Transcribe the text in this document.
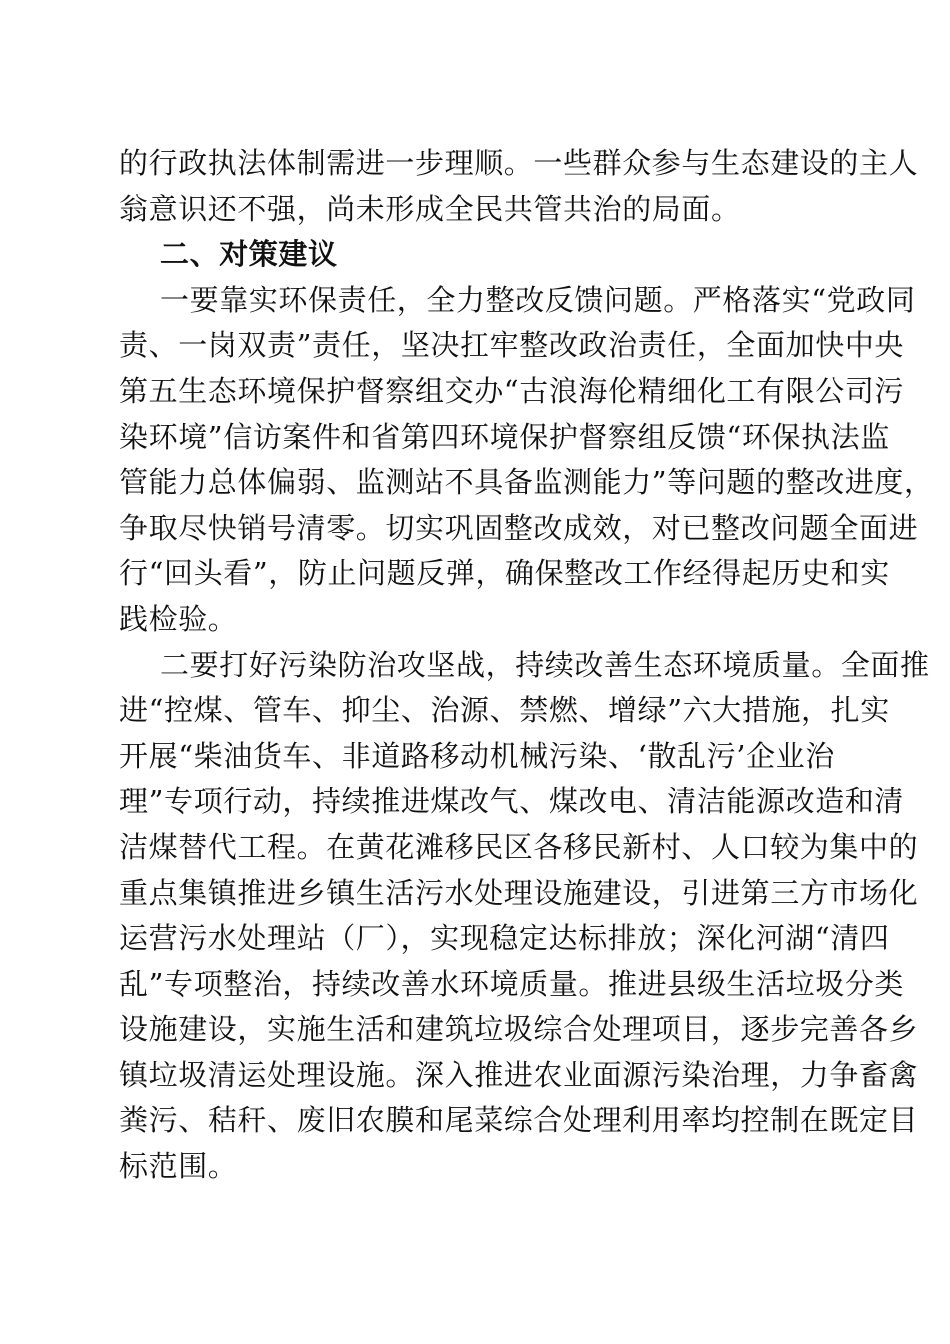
的行政执法体制需进一步理顺。一些群众参与生态建设的主人
翁意识还不强，尚未形成全民共管共治的局面。
二、对策建议
一要靠实环保责任，全力整改反馈问题。严格落实“党政同
责、一岗双责”责任，坚决扛牢整改政治责任，全面加快中央
第五生态环境保护督察组交办“古浪海伦精细化工有限公司污
染环境”信访案件和省第四环境保护督察组反馈“环保执法监
管能力总体偏弱、监测站不具备监测能力”等问题的整改进度，
争取尽快销号清零。切实巩固整改成效，对已整改问题全面进
行“回头看”，防止问题反弹，确保整改工作经得起历史和实
践检验。
二要打好污染防治攻坚战，持续改善生态环境质量。全面推
进“控煤、管车、抑尘、治源、禁燃、增绿”六大措施，扎实
开展“柴油货车、非道路移动机械污染、‘散乱污’企业治
理”专项行动，持续推进煤改气、煤改电、清洁能源改造和清
洁煤替代工程。在黄花滩移民区各移民新村、人口较为集中的
重点集镇推进乡镇生活污水处理设施建设，引进第三方市场化
运营污水处理站（厂），实现稳定达标排放；深化河湖“清四
乱”专项整治，持续改善水环境质量。推进县级生活垃圾分类
设施建设，实施生活和建筑垃圾综合处理项目，逐步完善各乡
镇垃圾清运处理设施。深入推进农业面源污染治理，力争畜禽
粪污、秸秆、废旧农膜和尾菜综合处理利用率均控制在既定目
标范围。
